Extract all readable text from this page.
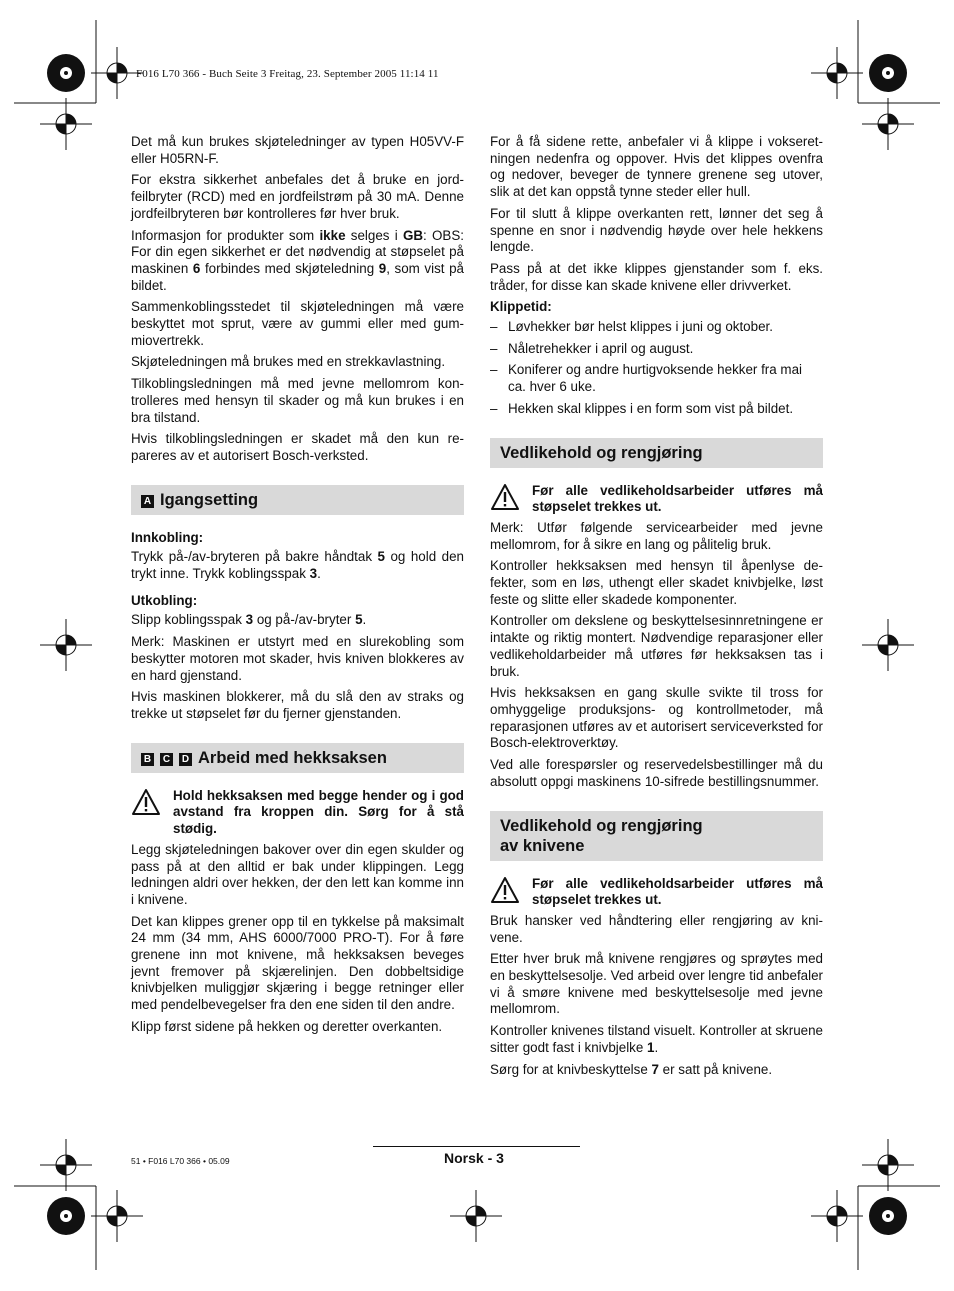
F016 L70 366 - Buch Seite 3 Freitag, 23. September 2005 11:14 11

Det må kun brukes skjøteledninger av typen H05VV-F eller H05RN-F.

For ekstra sikkerhet anbefales det å bruke en jordfeilbryter (RCD) med en jordfeilstrøm på 30 mA. Denne jordfeilbryteren bør kontrolleres før hver bruk.

Informasjon for produkter som ikke selges i GB: OBS: For din egen sikkerhet er det nødvendig at støpselet på maskinen 6 forbindes med skjøteledning 9, som vist på bildet.

Sammenkoblingsstedet til skjøteledningen må være beskyttet mot sprut, være av gummi eller med gummiovertrekk.

Skjøteledningen må brukes med en strekkavlastning.

Tilkoblingsledningen må med jevne mellomrom kontrolleres med hensyn til skader og må kun brukes i en bra tilstand.

Hvis tilkoblingsledningen er skadet må den kun repareres av et autorisert Bosch-verksted.

A Igangsetting

Innkobling:

Trykk på-/av-bryteren på bakre håndtak 5 og hold den trykt inne. Trykk koblingsspak 3.

Utkobling:

Slipp koblingsspak 3 og på-/av-bryter 5.

Merk: Maskinen er utstyrt med en slurekobling som beskytter motoren mot skader, hvis kniven blokkeres av en hard gjenstand.

Hvis maskinen blokkerer, må du slå den av straks og trekke ut støpselet før du fjerner gjenstanden.

B C D Arbeid med hekksaksen
Hold hekksaksen med begge hender og i god avstand fra kroppen din. Sørg for å stå stødig.

Legg skjøteledningen bakover over din egen skulder og pass på at den alltid er bak under klippingen. Legg ledningen aldri over hekken, der den lett kan komme inn i knivene.

Det kan klippes grener opp til en tykkelse på maksimalt 24 mm (34 mm, AHS 6000/7000 PRO-T). For å føre grenene inn mot knivene, må hekksaksen beveges jevnt fremover på skjærelinjen. Den dobbeltsidige knivbjelken muliggjør skjæring i begge retninger eller med pendelbevegelser fra den ene siden til den andre.

Klipp først sidene på hekken og deretter overkanten.

For å få sidene rette, anbefaler vi å klippe i vokseretningen nedenfra og oppover. Hvis det klippes ovenfra og nedover, beveger de tynnere grenene seg utover, slik at det kan oppstå tynne steder eller hull.

For til slutt å klippe overkanten rett, lønner det seg å spenne en snor i nødvendig høyde over hele hekkens lengde.

Pass på at det ikke klippes gjenstander som f. eks. tråder, for disse kan skade knivene eller drivverket.

Klippetid:

– Løvhekker bør helst klippes i juni og oktober.
– Nåletrehekker i april og august.
– Koniferer og andre hurtigvoksende hekker fra mai ca. hver 6 uke.
– Hekken skal klippes i en form som vist på bildet.
Vedlikehold og rengjøring
Før alle vedlikeholdsarbeider utføres må støpselet trekkes ut.

Merk: Utfør følgende servicearbeider med jevne mellomrom, for å sikre en lang og pålitelig bruk.

Kontroller hekksaksen med hensyn til åpenlyse defekter, som en løs, uthengt eller skadet knivbjelke, løst feste og slitte eller skadede komponenter.

Kontroller om dekslene og beskyttelsesinnretningene er intakte og riktig montert. Nødvendige reparasjoner eller vedlikeholdarbeider må utføres før hekksaksen tas i bruk.

Hvis hekksaksen en gang skulle svikte til tross for omhyggelige produksjons- og kontrollmetoder, må reparasjonen utføres av et autorisert serviceverksted for Bosch-elektroverktøy.

Ved alle forespørsler og reservedelsbestillinger må du absolutt oppgi maskinens 10-sifrede bestillingsnummer.

Vedlikehold og rengjøring
av knivene
Før alle vedlikeholdsarbeider utføres må støpselet trekkes ut.

Bruk hansker ved håndtering eller rengjøring av knivene.

Etter hver bruk må knivene rengjøres og sprøytes med en beskyttelsesolje. Ved arbeid over lengre tid anbefaler vi å smøre knivene med beskyttelsesolje med jevne mellomrom.

Kontroller knivenes tilstand visuelt. Kontroller at skruene sitter godt fast i knivbjelke 1.

Sørg for at knivbeskyttelse 7 er satt på knivene.

51 • F016 L70 366 • 05.09	Norsk - 3
